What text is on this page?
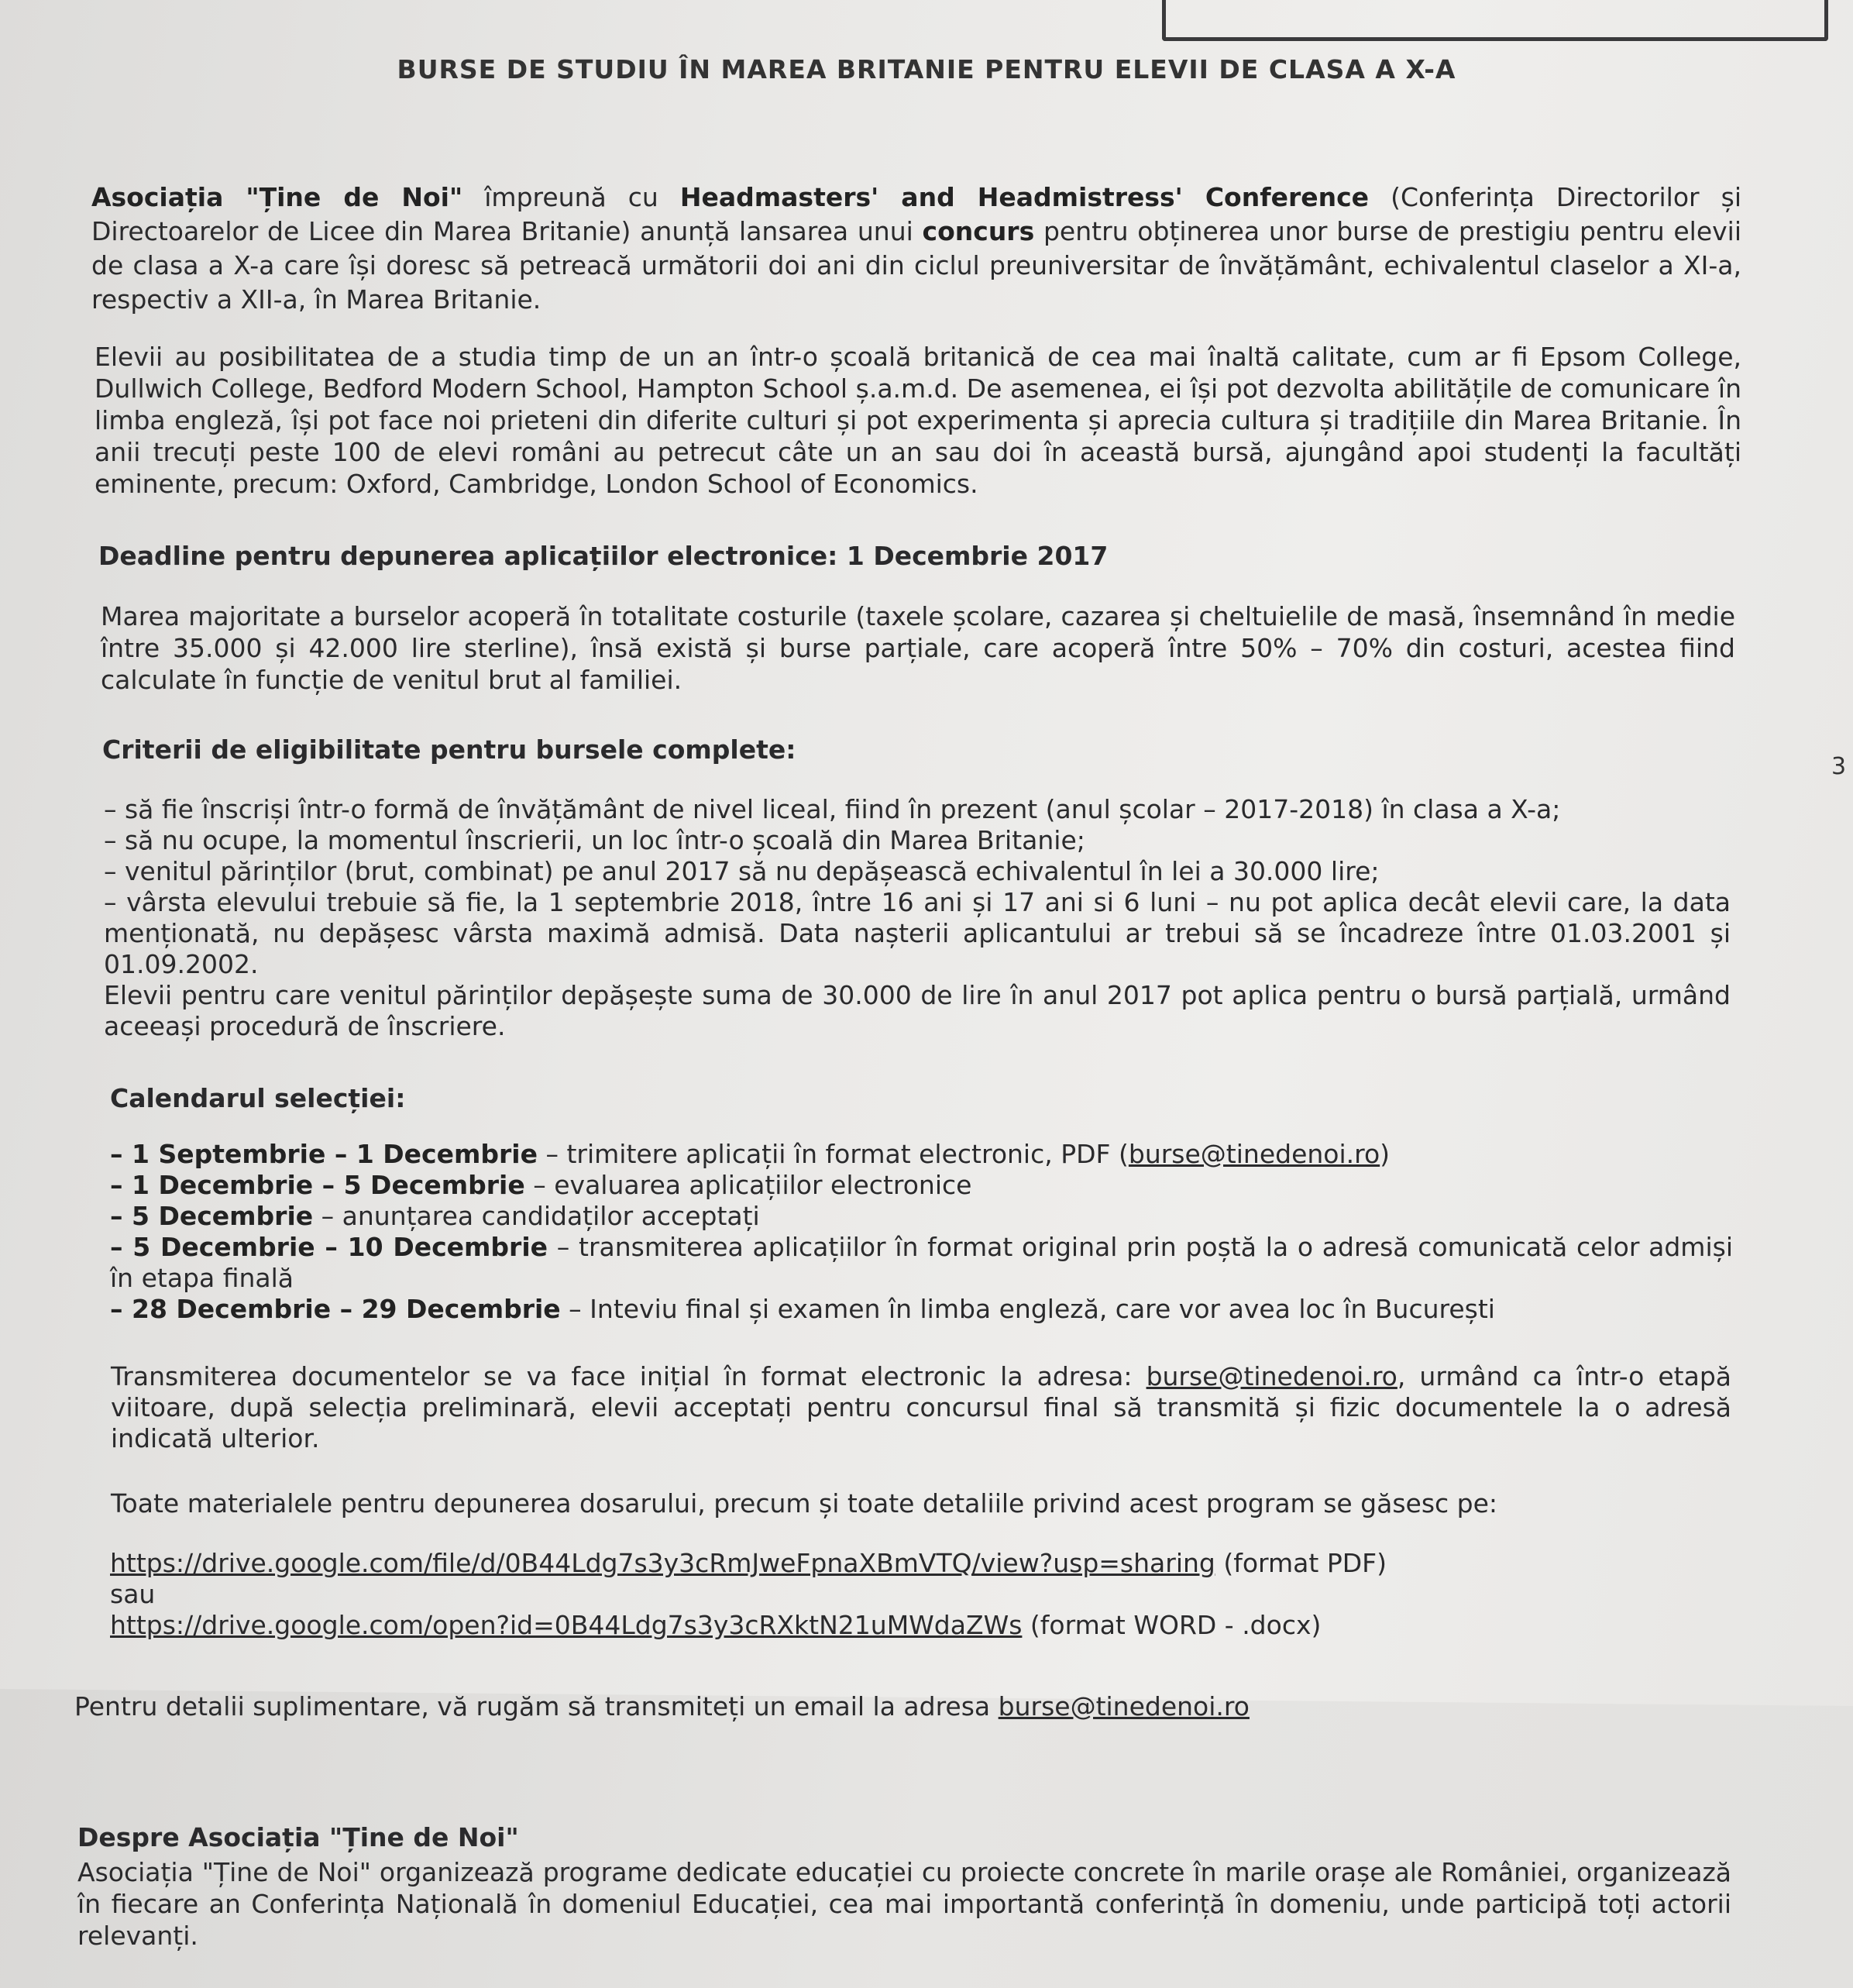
BURSE DE STUDIU ÎN MAREA BRITANIE PENTRU ELEVII DE CLASA A X-A
Asociația "Ține de Noi" împreună cu Headmasters' and Headmistress' Conference (Conferința Directorilor și Directoarelor de Licee din Marea Britanie) anunță lansarea unui concurs pentru obținerea unor burse de prestigiu pentru elevii de clasa a X-a care își doresc să petreacă următorii doi ani din ciclul preuniversitar de învățământ, echivalentul claselor a XI-a, respectiv a XII-a, în Marea Britanie.
Elevii au posibilitatea de a studia timp de un an într-o școală britanică de cea mai înaltă calitate, cum ar fi Epsom College, Dullwich College, Bedford Modern School, Hampton School ș.a.m.d. De asemenea, ei își pot dezvolta abilitățile de comunicare în limba engleză, își pot face noi prieteni din diferite culturi și pot experimenta și aprecia cultura și tradițiile din Marea Britanie. În anii trecuți peste 100 de elevi români au petrecut câte un an sau doi în această bursă, ajungând apoi studenți la facultăți eminente, precum: Oxford, Cambridge, London School of Economics.
Deadline pentru depunerea aplicațiilor electronice: 1 Decembrie 2017
Marea majoritate a burselor acoperă în totalitate costurile (taxele școlare, cazarea și cheltuielile de masă, însemnând în medie între 35.000 și 42.000 lire sterline), însă există și burse parțiale, care acoperă între 50% – 70% din costuri, acestea fiind calculate în funcție de venitul brut al familiei.
Criterii de eligibilitate pentru bursele complete:
– să fie înscriși într-o formă de învățământ de nivel liceal, fiind în prezent (anul școlar – 2017-2018) în clasa a X-a;
– să nu ocupe, la momentul înscrierii, un loc într-o școală din Marea Britanie;
– venitul părinților (brut, combinat) pe anul 2017 să nu depășească echivalentul în lei a 30.000 lire;
– vârsta elevului trebuie să fie, la 1 septembrie 2018, între 16 ani și 17 ani si 6 luni – nu pot aplica decât elevii care, la data menționată, nu depășesc vârsta maximă admisă. Data nașterii aplicantului ar trebui să se încadreze între 01.03.2001 și 01.09.2002.
Elevii pentru care venitul părinților depășește suma de 30.000 de lire în anul 2017 pot aplica pentru o bursă parțială, urmând aceeași procedură de înscriere.
Calendarul selecției:
– 1 Septembrie – 1 Decembrie – trimitere aplicații în format electronic, PDF (burse@tinedenoi.ro)
– 1 Decembrie – 5 Decembrie – evaluarea aplicațiilor electronice
– 5 Decembrie – anunțarea candidaților acceptați
– 5 Decembrie – 10 Decembrie – transmiterea aplicațiilor în format original prin poștă la o adresă comunicată celor admiși în etapa finală
– 28 Decembrie – 29 Decembrie – Inteviu final și examen în limba engleză, care vor avea loc în București
Transmiterea documentelor se va face inițial în format electronic la adresa: burse@tinedenoi.ro, urmând ca într-o etapă viitoare, după selecția preliminară, elevii acceptați pentru concursul final să transmită și fizic documentele la o adresă indicată ulterior.
Toate materialele pentru depunerea dosarului, precum și toate detaliile privind acest program se găsesc pe:
https://drive.google.com/file/d/0B44Ldg7s3y3cRmJweFpnaXBmVTQ/view?usp=sharing (format PDF)
sau
https://drive.google.com/open?id=0B44Ldg7s3y3cRXktN21uMWdaZWs (format WORD - .docx)
Pentru detalii suplimentare, vă rugăm să transmiteți un email la adresa burse@tinedenoi.ro
Despre Asociația "Ține de Noi"
Asociația "Ține de Noi" organizează programe dedicate educației cu proiecte concrete în marile orașe ale României, organizează în fiecare an Conferința Națională în domeniul Educației, cea mai importantă conferință în domeniu, unde participă toți actorii relevanți.
3
